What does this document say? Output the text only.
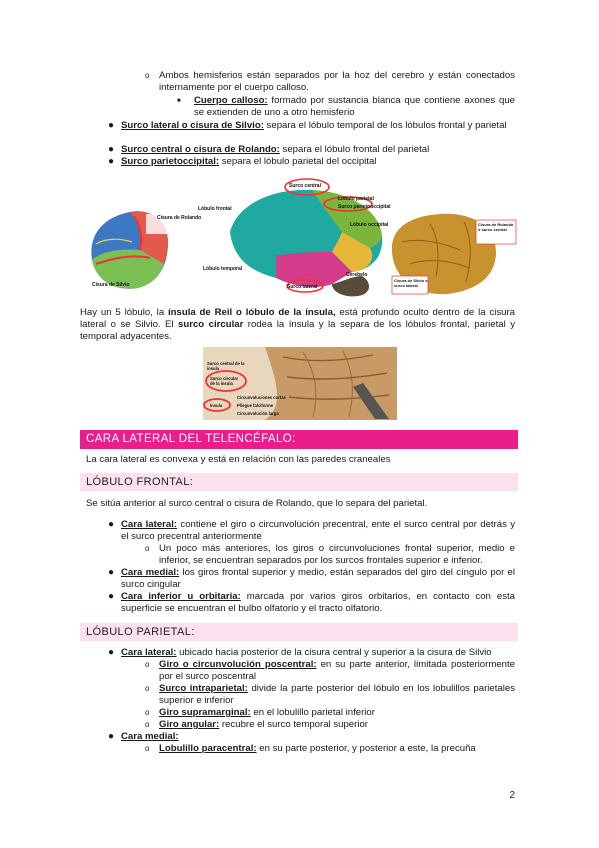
o Ambos hemisferios están separados por la hoz del cerebro y están conectados internamente por el cuerpo calloso.
■ Cuerpo calloso: formado por sustancia blanca que contiene axones que se extienden de uno a otro hemisferio
● Surco lateral o cisura de Silvio: separa el lóbulo temporal de los lóbulos frontal y parietal
● Surco central o cisura de Rolando: separa el lóbulo frontal del parietal
● Surco parietoccipital: separa el lóbulo parietal del occipital
Cisura de Rolando
Cisura de Silvio
Surco central
Lóbulo parietal
Surco parietooccipital
Lóbulo occipital
Lóbulo frontal
Lóbulo temporal
Cerebelo
Surco lateral
Cisura de Rolando o surco central
Cisura de Silvio o surco lateral
Hay un 5 lóbulo, la ínsula de Reil o lóbulo de la ínsula, está profundo oculto dentro de la cisura lateral o se Silvio. El surco circular rodea la ínsula y la separa de los lóbulos frontal, parietal y temporal adyacentes.
Surco central de la ínsula
Surco circular de la ínsula
Circunvoluciones cortas
Ínsula	Pliegue falciforme
Circunvolución larga
CARA LATERAL DEL TELENCÉFALO:
La cara lateral es convexa y está en relación con las paredes craneales
LÓBULO FRONTAL:
Se sitúa anterior al surco central o cisura de Rolando, que lo separa del parietal.
● Cara lateral: contiene el giro o circunvolución precentral, ente el surco central por detrás y el surco precentral anteriormente
o Un poco más anteriores, los giros o circunvoluciones frontal superior, medio e inferior, se encuentran separados por los surcos frontales superior e inferior.
● Cara medial: los giros frontal superior y medio, están separados del giro del cíngulo por el surco cingular
● Cara inferior u orbitaria: marcada por varios giros orbitarios, en contacto con esta superficie se encuentran el bulbo olfatorio y el tracto olfatorio.
LÓBULO PARIETAL:
● Cara lateral: ubicado hacia posterior de la cisura central y superior a la cisura de Silvio
o Giro o circunvolución poscentral: en su parte anterior, limitada posteriormente por el surco poscentral
o Surco intraparietal: divide la parte posterior del lóbulo en los lobulillos parietales superior e inferior
o Giro supramarginal: en el lobulillo parietal inferior
o Giro angular: recubre el surco temporal superior
● Cara medial:
o Lobulillo paracentral: en su parte posterior, y posterior a este, la precuña
2
